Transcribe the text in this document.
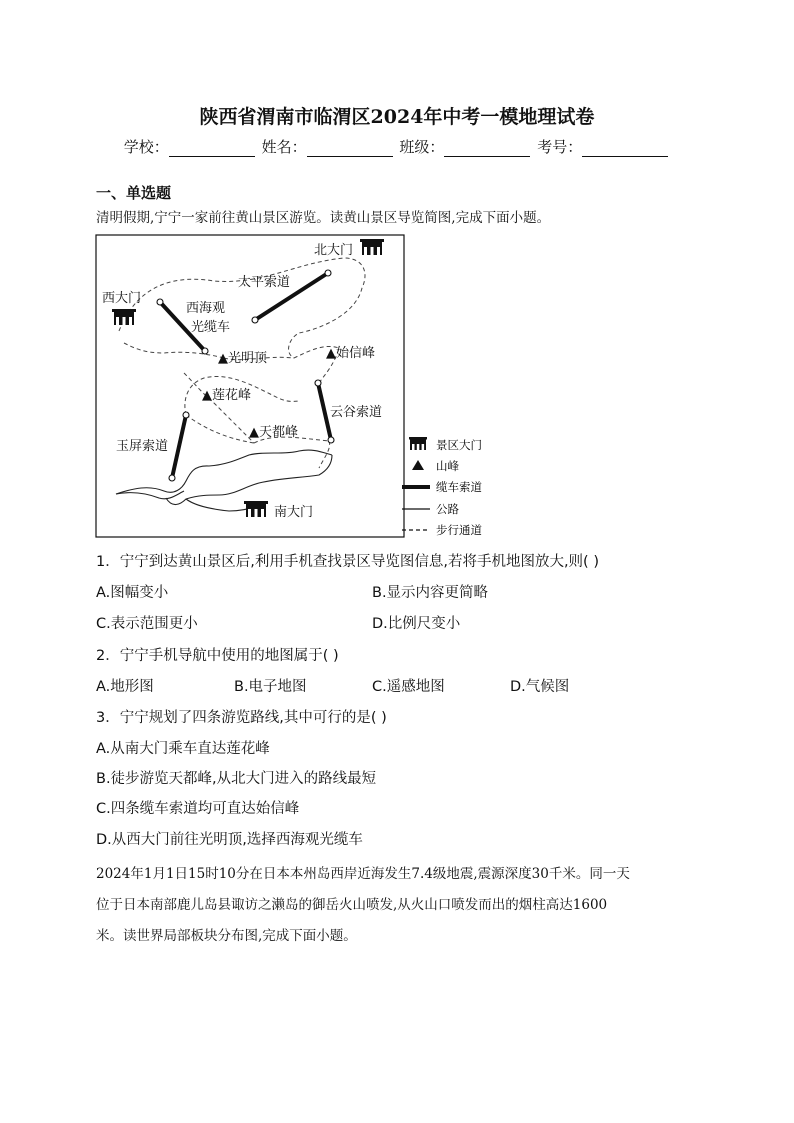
陕西省渭南市临渭区2024年中考一模地理试卷
学校：	姓名：	班级：	考号：
一、单选题
清明假期,宁宁一家前往黄山景区游览。读黄山景区导览简图,完成下面小题。
北大门
西大门
南大门
太平索道
西海观
光缆车
▲光明顶	▲始信峰
▲莲花峰
云谷索道
玉屏索道
▲天都峰
景区大门
山峰
缆车索道
公路
步行通道
1．宁宁到达黄山景区后,利用手机查找景区导览图信息,若将手机地图放大,则( )
A.图幅变小	B.显示内容更简略
C.表示范围更小	D.比例尺变小
2．宁宁手机导航中使用的地图属于( )
A.地形图	B.电子地图	C.遥感地图	D.气候图
3．宁宁规划了四条游览路线,其中可行的是( )
A.从南大门乘车直达莲花峰
B.徒步游览天都峰,从北大门进入的路线最短
C.四条缆车索道均可直达始信峰
D.从西大门前往光明顶,选择西海观光缆车
2024年1月1日15时10分在日本本州岛西岸近海发生7.4级地震,震源深度30千米。同一天
位于日本南部鹿儿岛县诹访之濑岛的御岳火山喷发,从火山口喷发而出的烟柱高达1600
米。读世界局部板块分布图,完成下面小题。
